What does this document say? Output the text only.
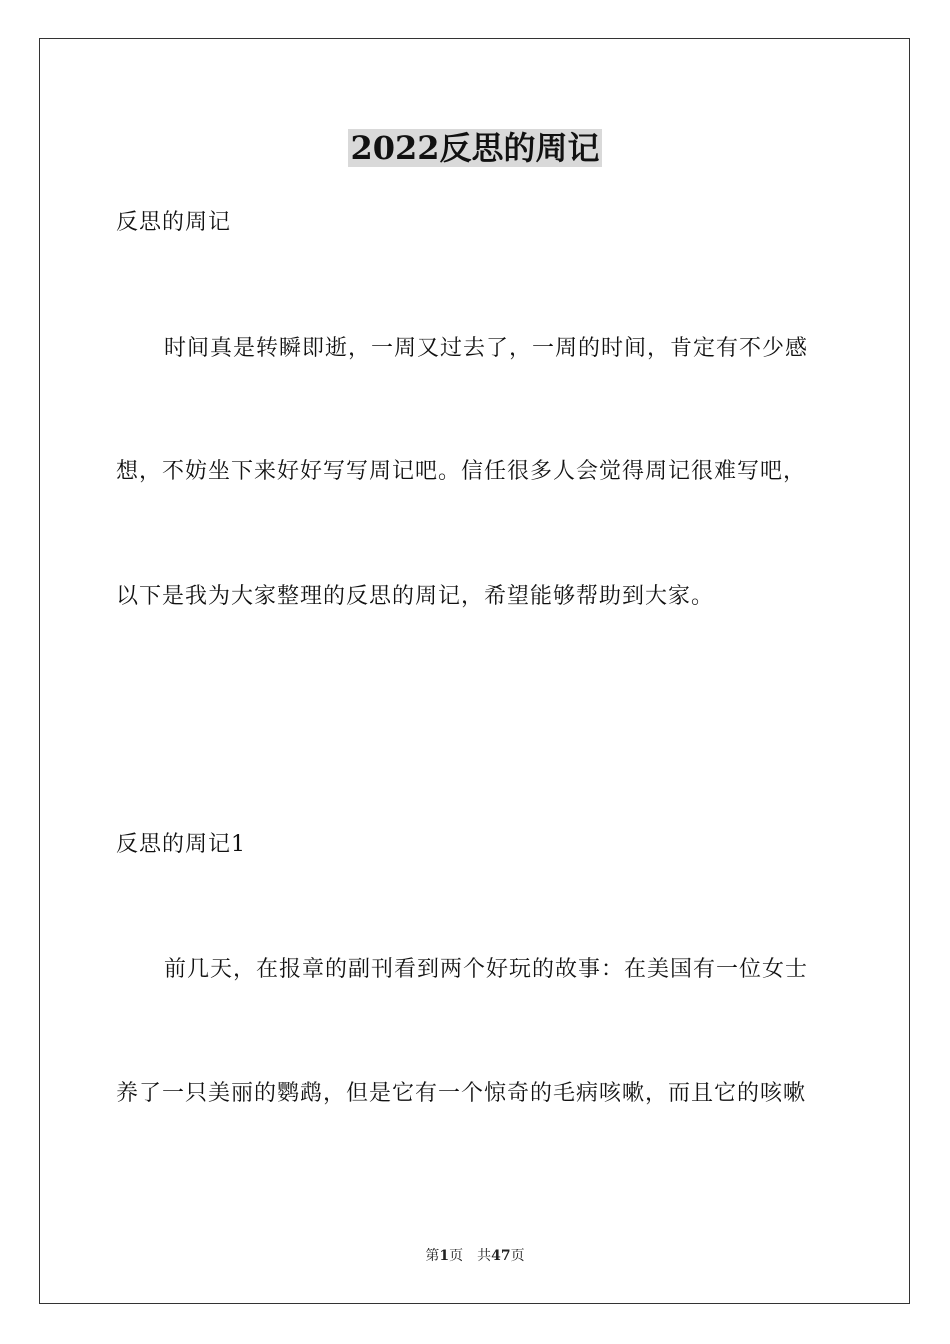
2022反思的周记
反思的周记
时间真是转瞬即逝，一周又过去了，一周的时间，肯定有不少感
想，不妨坐下来好好写写周记吧。信任很多人会觉得周记很难写吧，
以下是我为大家整理的反思的周记，希望能够帮助到大家。
反思的周记1
前几天，在报章的副刊看到两个好玩的故事：在美国有一位女士
养了一只美丽的鹦鹉，但是它有一个惊奇的毛病咳嗽，而且它的咳嗽
第1页 共47页
